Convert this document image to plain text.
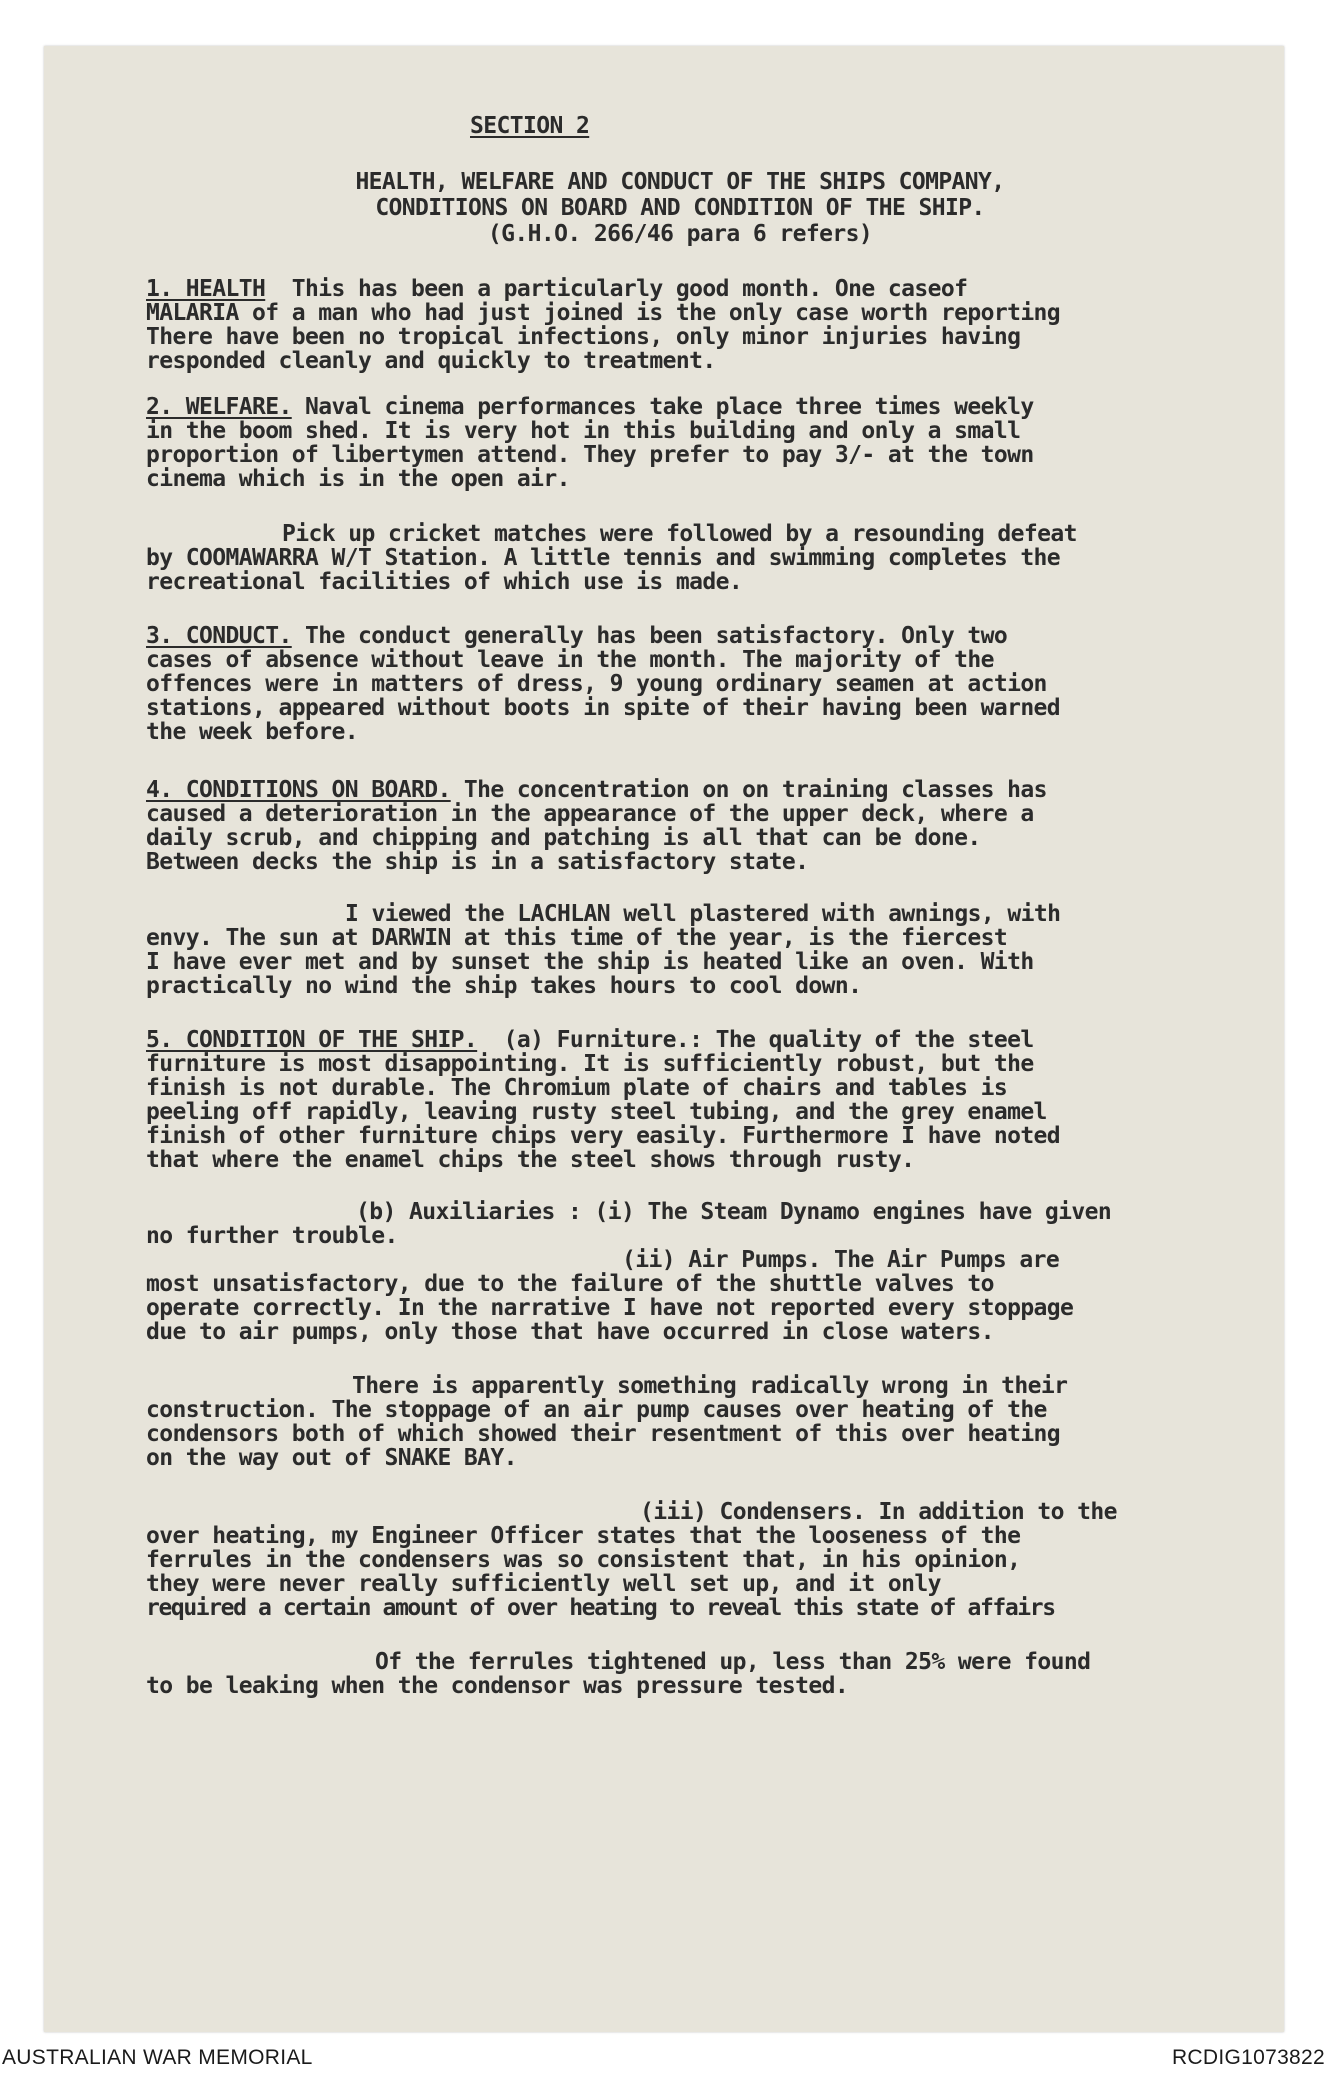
SECTION 2
HEALTH, WELFARE AND CONDUCT OF THE SHIPS COMPANY,
CONDITIONS ON BOARD AND CONDITION OF THE SHIP.
(G.H.O. 266/46 para 6 refers)
1. HEALTH  This has been a particularly good month. One caseof
MALARIA of a man who had just joined is the only case worth reporting
There have been no tropical infections, only minor injuries having
responded cleanly and quickly to treatment.
2. WELFARE. Naval cinema performances take place three times weekly
in the boom shed. It is very hot in this building and only a small
proportion of libertymen attend. They prefer to pay 3/- at the town
cinema which is in the open air.
Pick up cricket matches were followed by a resounding defeat
by COOMAWARRA W/T Station. A little tennis and swimming completes the
recreational facilities of which use is made.
3. CONDUCT. The conduct generally has been satisfactory. Only two
cases of absence without leave in the month. The majority of the
offences were in matters of dress, 9 young ordinary seamen at action
stations, appeared without boots in spite of their having been warned
the week before.
4. CONDITIONS ON BOARD. The concentration on on training classes has
caused a deterioration in the appearance of the upper deck, where a
daily scrub, and chipping and patching is all that can be done.
Between decks the ship is in a satisfactory state.
I viewed the LACHLAN well plastered with awnings, with
envy. The sun at DARWIN at this time of the year, is the fiercest
I have ever met and by sunset the ship is heated like an oven. With
practically no wind the ship takes hours to cool down.
5. CONDITION OF THE SHIP.  (a) Furniture.: The quality of the steel
furniture is most disappointing. It is sufficiently robust, but the
finish is not durable. The Chromium plate of chairs and tables is
peeling off rapidly, leaving rusty steel tubing, and the grey enamel
finish of other furniture chips very easily. Furthermore I have noted
that where the enamel chips the steel shows through rusty.
(b) Auxiliaries : (i) The Steam Dynamo engines have given
no further trouble.
(ii) Air Pumps. The Air Pumps are
most unsatisfactory, due to the failure of the shuttle valves to
operate correctly. In the narrative I have not reported every stoppage
due to air pumps, only those that have occurred in close waters.
There is apparently something radically wrong in their
construction. The stoppage of an air pump causes over heating of the
condensors both of which showed their resentment of this over heating
on the way out of SNAKE BAY.
(iii) Condensers. In addition to the
over heating, my Engineer Officer states that the looseness of the
ferrules in the condensers was so consistent that, in his opinion,
they were never really sufficiently well set up, and it only
required a certain amount of over heating to reveal this state of affairs
Of the ferrules tightened up, less than 25% were found
to be leaking when the condensor was pressure tested.
AUSTRALIAN WAR MEMORIAL	RCDIG1073822
